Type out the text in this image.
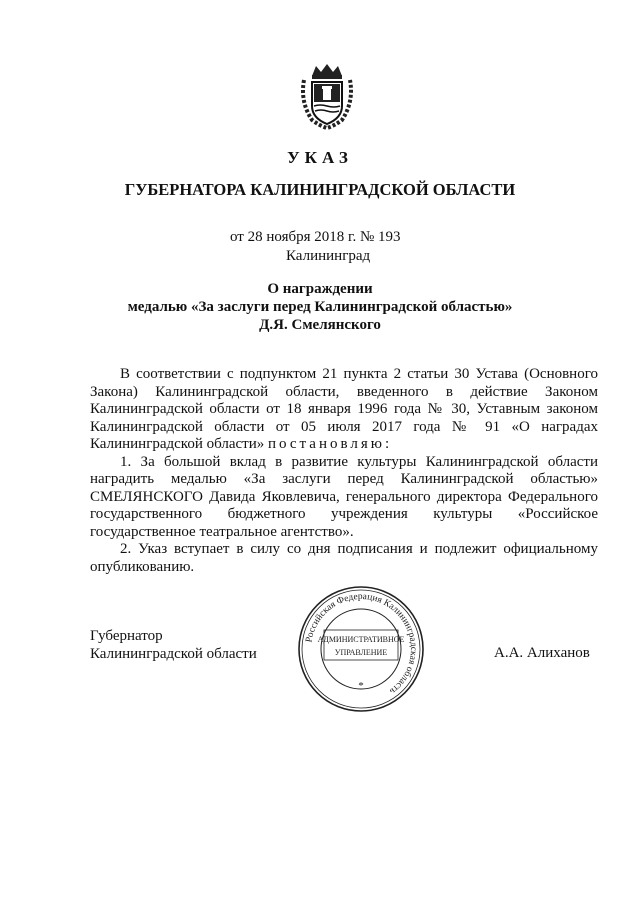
УКАЗ
ГУБЕРНАТОРА КАЛИНИНГРАДСКОЙ ОБЛАСТИ
от 28 ноября 2018 г. № 193
Калининград
О награждении
медалью «За заслуги перед Калининградской областью»
Д.Я. Смелянского

В соответствии с подпунктом 21 пункта 2 статьи 30 Устава (Основного Закона) Калининградской области, введенного в действие Законом Калининградской области от 18 января 1996 года № 30, Уставным законом Калининградской области от 05 июля 2017 года № 91 «О наградах Калининградской области» постановляю:

1. За большой вклад в развитие культуры Калининградской области наградить медалью «За заслуги перед Калининградской областью» СМЕЛЯНСКОГО Давида Яковлевича, генерального директора Федерального государственного бюджетного учреждения культуры «Российское государственное театральное агентство».

2. Указ вступает в силу со дня подписания и подлежит официальному опубликованию.

Губернатор
Калининградской области	А.А. Алиханов
Российская Федерация Калининградская область
АДМИНИСТРАТИВНОЕ
УПРАВЛЕНИЕ
*
